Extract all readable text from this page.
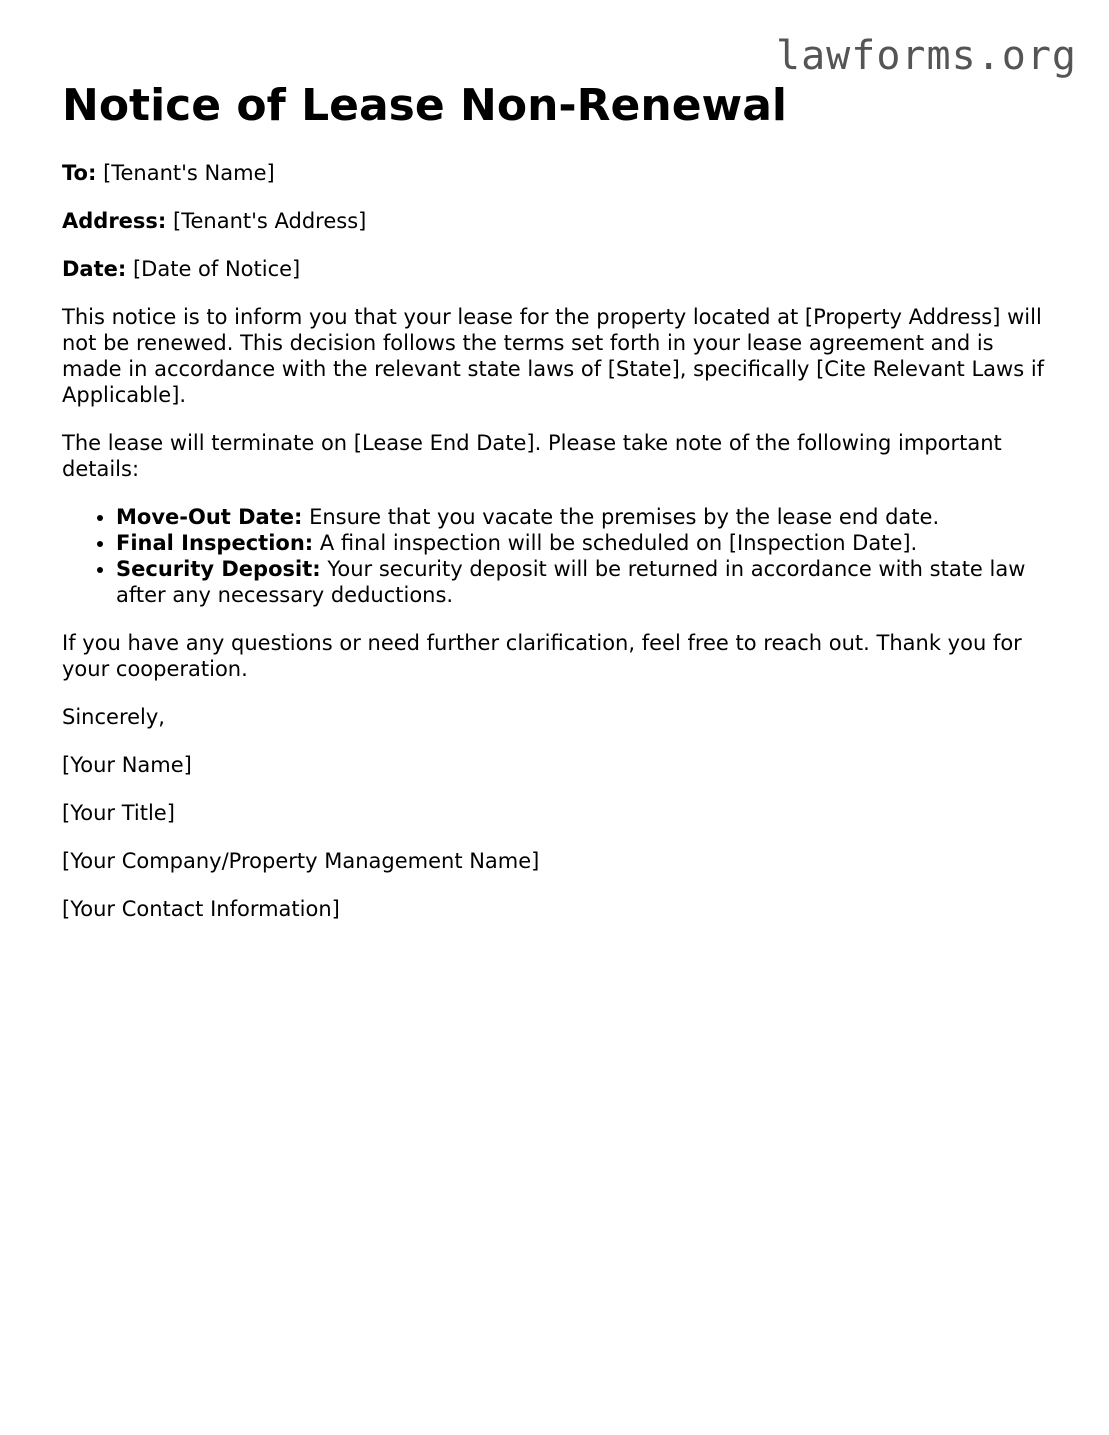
lawforms.org
Notice of Lease Non-Renewal

To: [Tenant's Name]

Address: [Tenant's Address]

Date: [Date of Notice]

This notice is to inform you that your lease for the property located at [Property Address] will not be renewed. This decision follows the terms set forth in your lease agreement and is made in accordance with the relevant state laws of [State], specifically [Cite Relevant Laws if Applicable].

The lease will terminate on [Lease End Date]. Please take note of the following important details:

• Move-Out Date: Ensure that you vacate the premises by the lease end date.
• Final Inspection: A final inspection will be scheduled on [Inspection Date].
• Security Deposit: Your security deposit will be returned in accordance with state law after any necessary deductions.

If you have any questions or need further clarification, feel free to reach out. Thank you for your cooperation.

Sincerely,

[Your Name]

[Your Title]

[Your Company/Property Management Name]

[Your Contact Information]
